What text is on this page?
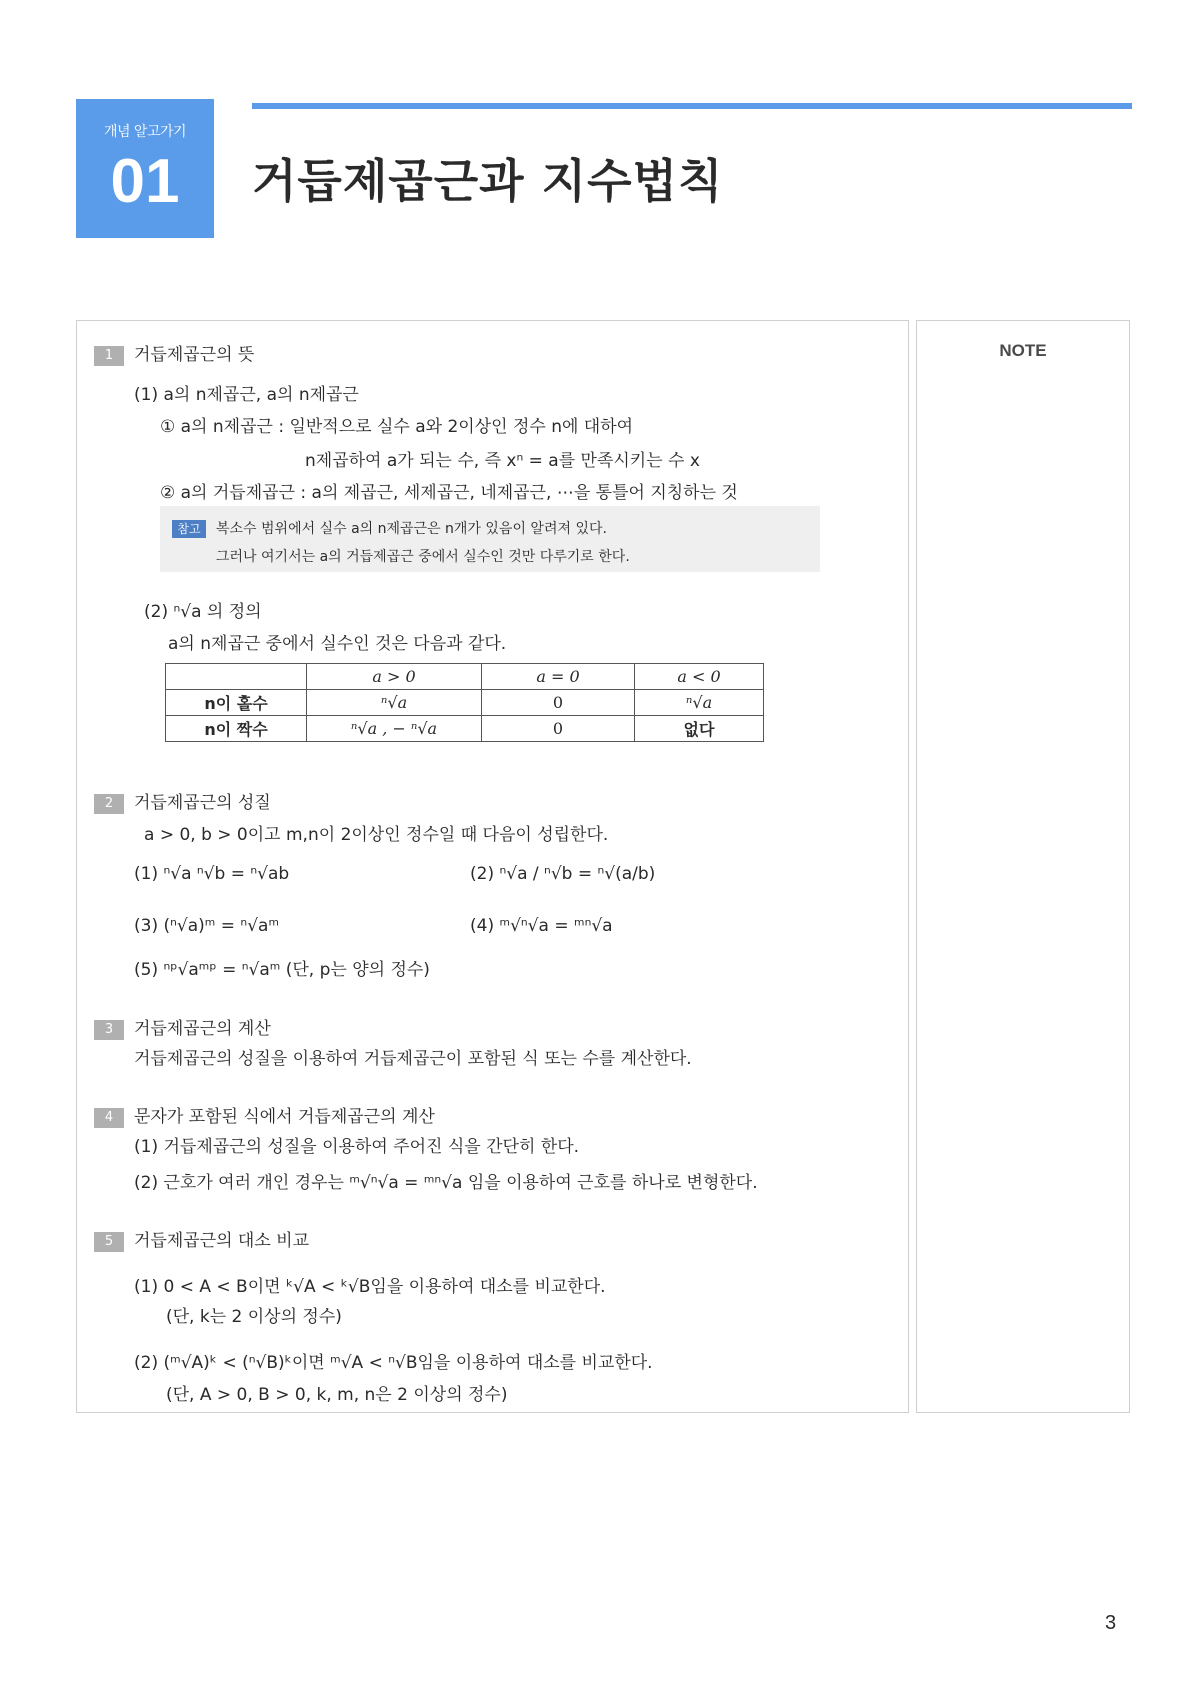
개념 알고가기
01	거듭제곱근과 지수법칙
NOTE
1 거듭제곱근의 뜻
(1) a의 n제곱근, a의 n제곱근
① a의 n제곱근 : 일반적으로 실수 a와 2이상인 정수 n에 대하여
n제곱하여 a가 되는 수, 즉 xⁿ = a를 만족시키는 수 x
② a의 거듭제곱근 : a의 제곱근, 세제곱근, 네제곱근, ⋯을 통틀어 지칭하는 것
참고	복소수 범위에서 실수 a의 n제곱근은 n개가 있음이 알려져 있다.
그러나 여기서는 a의 거듭제곱근 중에서 실수인 것만 다루기로 한다.
(2) ⁿ√a 의 정의
a의 n제곱근 중에서 실수인 것은 다음과 같다.
	a > 0	a = 0	a < 0
n이 홀수	ⁿ√a	0	ⁿ√a
n이 짝수	ⁿ√a , − ⁿ√a	0	없다
2 거듭제곱근의 성질
a > 0, b > 0이고 m,n이 2이상인 정수일 때 다음이 성립한다.
(1) ⁿ√a ⁿ√b = ⁿ√ab	(2) ⁿ√a / ⁿ√b = ⁿ√(a/b)
(3) (ⁿ√a)ᵐ = ⁿ√aᵐ	(4) ᵐ√ⁿ√a = ᵐⁿ√a
(5) ⁿᵖ√aᵐᵖ = ⁿ√aᵐ (단, p는 양의 정수)
3 거듭제곱근의 계산
거듭제곱근의 성질을 이용하여 거듭제곱근이 포함된 식 또는 수를 계산한다.
4 문자가 포함된 식에서 거듭제곱근의 계산
(1) 거듭제곱근의 성질을 이용하여 주어진 식을 간단히 한다.
(2) 근호가 여러 개인 경우는 ᵐ√ⁿ√a = ᵐⁿ√a 임을 이용하여 근호를 하나로 변형한다.
5 거듭제곱근의 대소 비교
(1) 0 < A < B이면 ᵏ√A < ᵏ√B임을 이용하여 대소를 비교한다.
(단, k는 2 이상의 정수)
(2) (ᵐ√A)ᵏ < (ⁿ√B)ᵏ이면 ᵐ√A < ⁿ√B임을 이용하여 대소를 비교한다.
(단, A > 0, B > 0, k, m, n은 2 이상의 정수)
3
